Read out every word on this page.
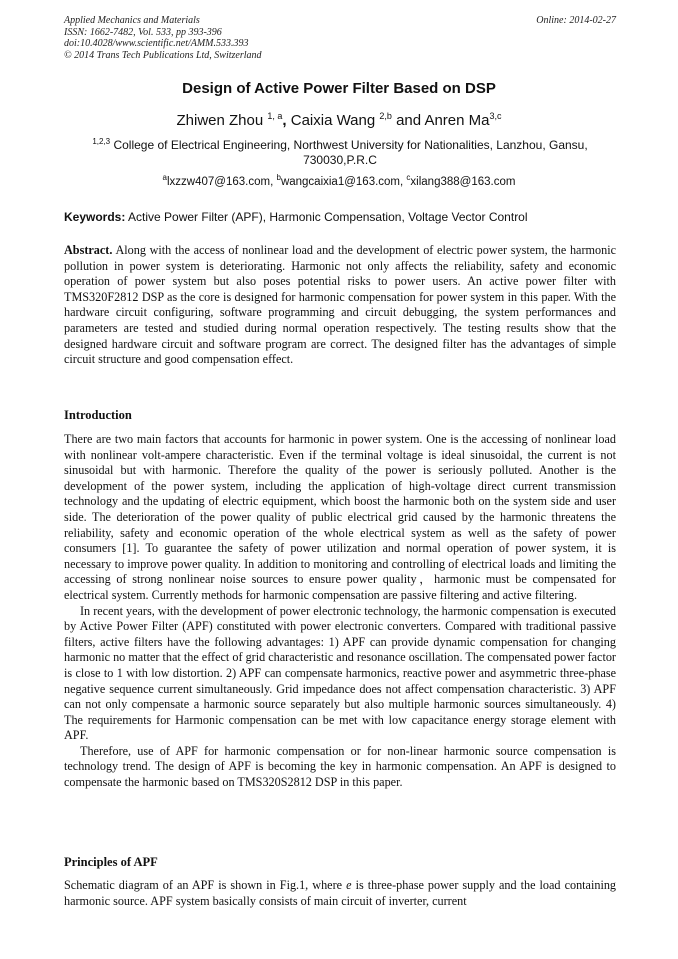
Applied Mechanics and Materials
ISSN: 1662-7482, Vol. 533, pp 393-396
doi:10.4028/www.scientific.net/AMM.533.393
© 2014 Trans Tech Publications Ltd, Switzerland
Online: 2014-02-27
Design of Active Power Filter Based on DSP
Zhiwen Zhou $^{1, a}$, Caixia Wang $^{2,b}$ and Anren Ma$^{3,c}$
$^{1,2,3}$ College of Electrical Engineering, Northwest University for Nationalities, Lanzhou, Gansu,
730030,P.R.C
$^a$lxzzw407@163.com, $^b$wangcaixia1@163.com, $^c$xilang388@163.com
Keywords: Active Power Filter (APF), Harmonic Compensation, Voltage Vector Control

Abstract. Along with the access of nonlinear load and the development of electric power system, the harmonic pollution in power system is deteriorating. Harmonic not only affects the reliability, safety and economic operation of power system but also poses potential risks to power users. An active power filter with TMS320F2812 DSP as the core is designed for harmonic compensation for power system in this paper. With the hardware circuit configuring, software programming and circuit debugging, the system performances and parameters are tested and studied during normal operation respectively. The testing results show that the designed hardware circuit and software program are correct. The designed filter has the advantages of simple circuit structure and good compensation effect.

Introduction

There are two main factors that accounts for harmonic in power system. One is the accessing of nonlinear load with nonlinear volt-ampere characteristic. Even if the terminal voltage is ideal sinusoidal, the current is not sinusoidal but with harmonic. Therefore the quality of the power is seriously polluted. Another is the development of the power system, including the application of high-voltage direct current transmission technology and the updating of electric equipment, which boost the harmonic both on the system side and user side. The deterioration of the power quality of public electrical grid caused by the harmonic threatens the reliability, safety and economic operation of the whole electrical system as well as the safety of power consumers [1]. To guarantee the safety of power utilization and normal operation of power system, it is necessary to improve power quality. In addition to monitoring and controlling of electrical loads and limiting the accessing of strong nonlinear noise sources to ensure power quality，harmonic must be compensated for electrical system. Currently methods for harmonic compensation are passive filtering and active filtering.

In recent years, with the development of power electronic technology, the harmonic compensation is executed by Active Power Filter (APF) constituted with power electronic converters. Compared with traditional passive filters, active filters have the following advantages: 1) APF can provide dynamic compensation for changing harmonic no matter that the effect of grid characteristic and resonance oscillation. The compensated power factor is close to 1 with low distortion. 2) APF can compensate harmonics, reactive power and asymmetric three-phase negative sequence current simultaneously. Grid impedance does not affect compensation characteristic. 3) APF can not only compensate a harmonic source separately but also multiple harmonic sources simultaneously. 4) The requirements for Harmonic compensation can be met with low capacitance energy storage element with APF.

Therefore, use of APF for harmonic compensation or for non-linear harmonic source compensation is technology trend. The design of APF is becoming the key in harmonic compensation. An APF is designed to compensate the harmonic based on TMS320S2812 DSP in this paper.

Principles of APF

Schematic diagram of an APF is shown in Fig.1, where e is three-phase power supply and the load containing harmonic source. APF system basically consists of main circuit of inverter, current
